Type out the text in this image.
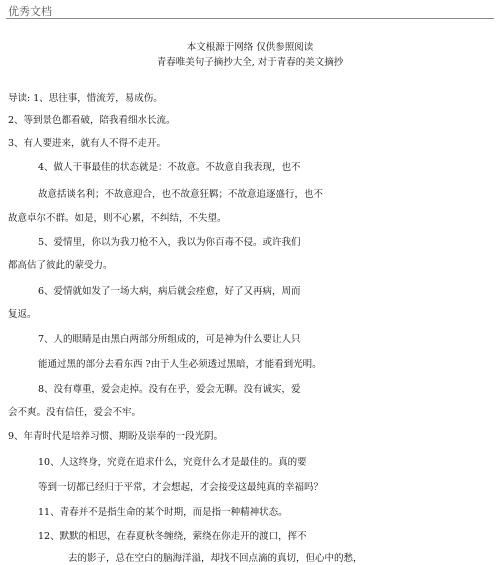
优秀文档
本文根源于网络 仅供参照阅读
青春唯美句子摘抄大全, 对于青春的美文摘抄
导读: 1、思往事，惜流芳，易成伤。
2、等到景色都看破，陪我看细水长流。
3、有人要进来，就有人不得不走开。
4、做人干事最佳的状态就是：不故意。不故意自我表现，也不
故意括谈名利；不故意迎合，也不故意狂羁；不故意追逐盛行，也不
故意卓尔不群。如是，则不心累，不纠结，不失望。
5、爱情里，你以为我刀枪不入，我以为你百毒不侵。或许我们
都高估了彼此的蒙受力。
6、爱情就如发了一场大病，病后就会痊愈，好了又再病，周而
复返。
7、人的眼睛是由黑白两部分所组成的，可是神为什么要让人只
能通过黑的部分去看东西 ?由于人生必须透过黑暗，才能看到光明。
8、没有尊重，爱会走掉。没有在乎，爱会无聊。没有诚实，爱
会不爽。没有信任，爱会不牢。
9、年青时代是培养习惯、期盼及崇奉的一段光阴。
10、人这终身，究竟在追求什么，究竟什么才是最佳的。真的要
等到一切都已经归于平常，才会想起，才会接受这最纯真的幸福吗？
11、青春并不是指生命的某个时期，而是指一种精神状态。
12、默默的相思，在春夏秋冬缠绕，萦绕在你走开的渡口，挥不
去的影子，总在空白的脑海洋溢，却找不回点滴的真切，但心中的愁，
